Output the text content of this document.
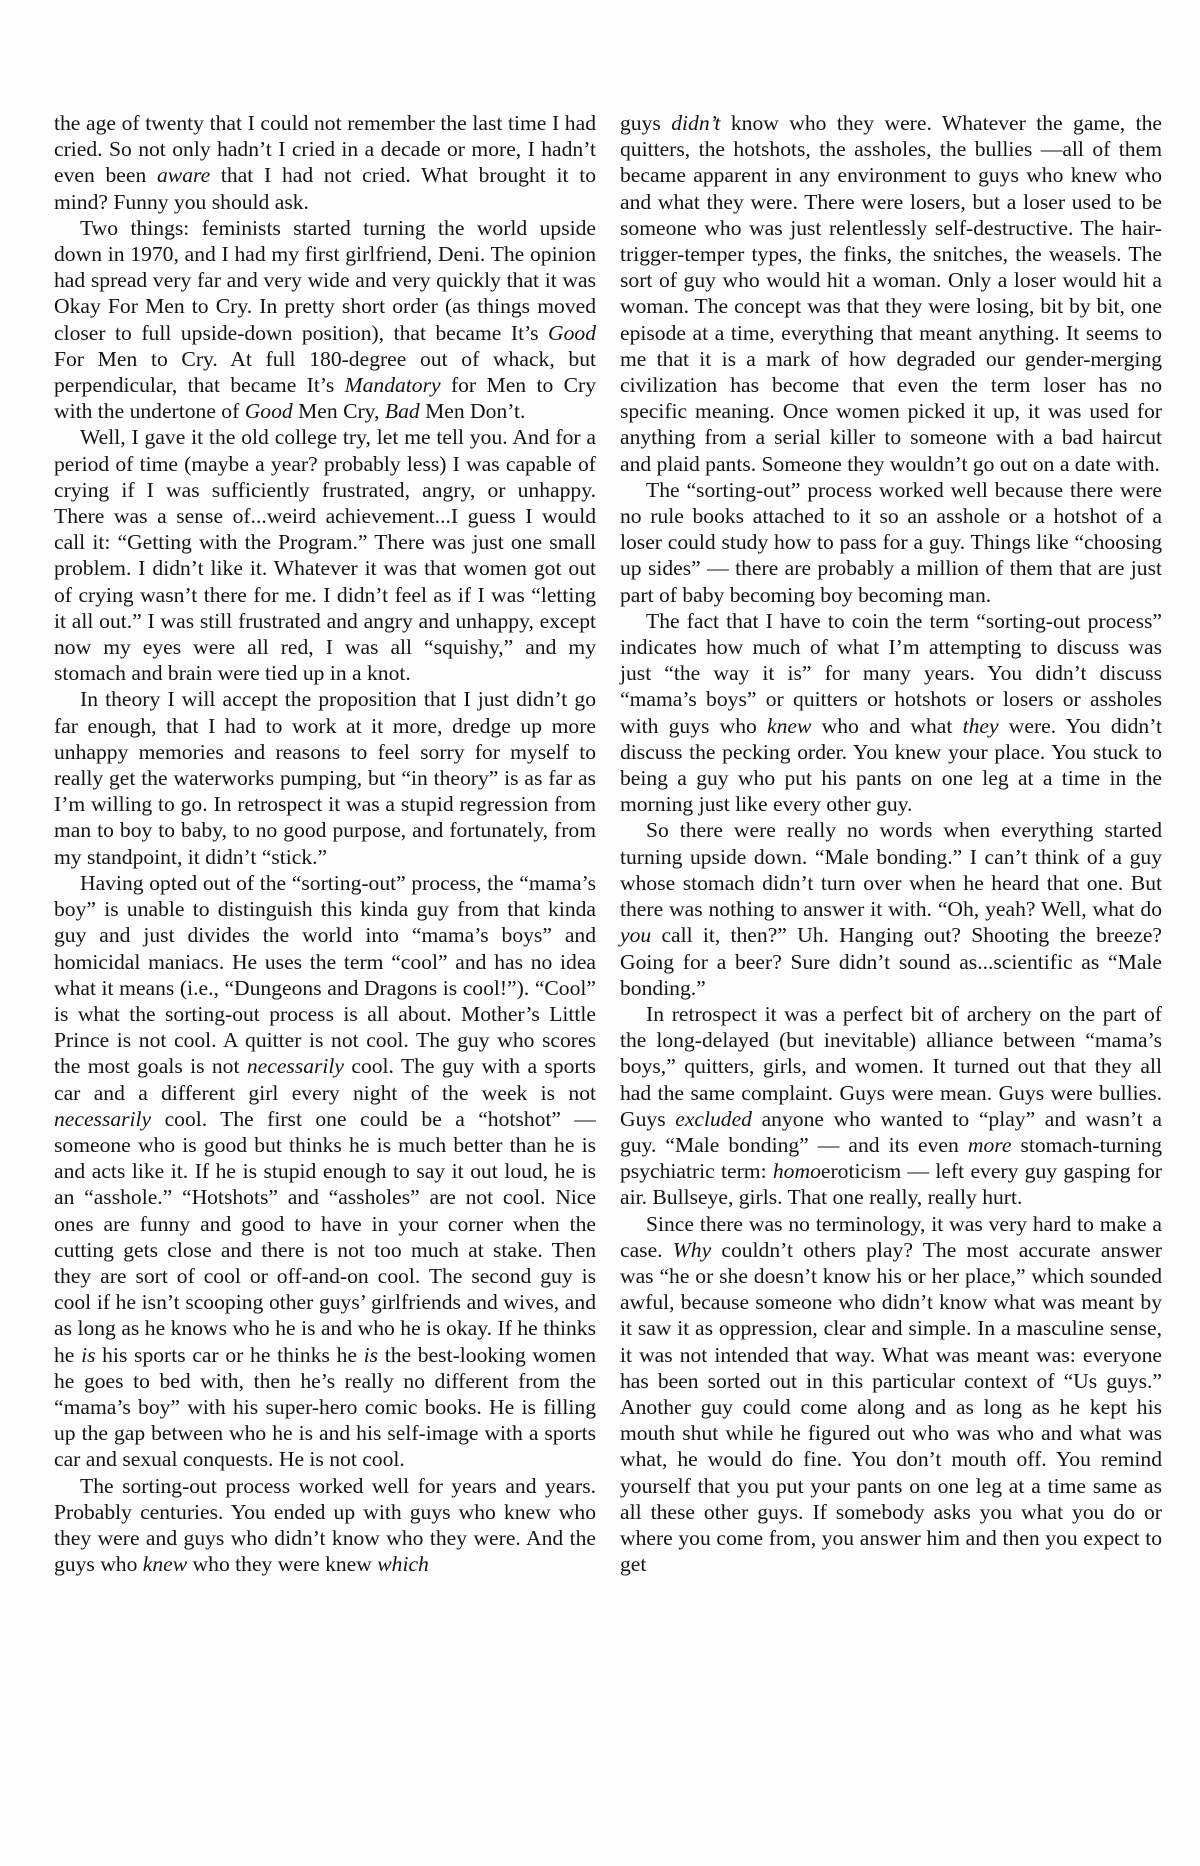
the age of twenty that I could not remember the last time I had cried. So not only hadn’t I cried in a decade or more, I hadn’t even been aware that I had not cried. What brought it to mind? Funny you should ask.

Two things: feminists started turning the world upside down in 1970, and I had my first girlfriend, Deni. The opinion had spread very far and very wide and very quickly that it was Okay For Men to Cry. In pretty short order (as things moved closer to full upside-down position), that became It’s Good For Men to Cry. At full 180-degree out of whack, but perpendicular, that became It’s Mandatory for Men to Cry with the undertone of Good Men Cry, Bad Men Don’t.

Well, I gave it the old college try, let me tell you. And for a period of time (maybe a year? probably less) I was capable of crying if I was sufficiently frustrated, angry, or unhappy. There was a sense of...weird achievement...I guess I would call it: “Getting with the Program.” There was just one small problem. I didn’t like it. Whatever it was that women got out of crying wasn’t there for me. I didn’t feel as if I was “letting it all out.” I was still frustrated and angry and unhappy, except now my eyes were all red, I was all “squishy,” and my stomach and brain were tied up in a knot.

In theory I will accept the proposition that I just didn’t go far enough, that I had to work at it more, dredge up more unhappy memories and reasons to feel sorry for myself to really get the waterworks pumping, but “in theory” is as far as I’m willing to go. In retrospect it was a stupid regression from man to boy to baby, to no good purpose, and fortunately, from my standpoint, it didn’t “stick.”

Having opted out of the “sorting-out” process, the “mama’s boy” is unable to distinguish this kinda guy from that kinda guy and just divides the world into “mama’s boys” and homicidal maniacs. He uses the term “cool” and has no idea what it means (i.e., “Dungeons and Dragons is cool!”). “Cool” is what the sorting-out process is all about. Mother’s Little Prince is not cool. A quitter is not cool. The guy who scores the most goals is not necessarily cool. The guy with a sports car and a different girl every night of the week is not necessarily cool. The first one could be a “hotshot” — someone who is good but thinks he is much better than he is and acts like it. If he is stupid enough to say it out loud, he is an “asshole.” “Hotshots” and “assholes” are not cool. Nice ones are funny and good to have in your corner when the cutting gets close and there is not too much at stake. Then they are sort of cool or off-and-on cool. The second guy is cool if he isn’t scooping other guys’ girlfriends and wives, and as long as he knows who he is and who he is okay. If he thinks he is his sports car or he thinks he is the best-looking women he goes to bed with, then he’s really no different from the “mama’s boy” with his super-hero comic books. He is filling up the gap between who he is and his self-image with a sports car and sexual conquests. He is not cool.

The sorting-out process worked well for years and years. Probably centuries. You ended up with guys who knew who they were and guys who didn’t know who they were. And the guys who knew who they were knew which

guys didn’t know who they were. Whatever the game, the quitters, the hotshots, the assholes, the bullies —all of them became apparent in any environment to guys who knew who and what they were. There were losers, but a loser used to be someone who was just relentlessly self-destructive. The hair-trigger-temper types, the finks, the snitches, the weasels. The sort of guy who would hit a woman. Only a loser would hit a woman. The concept was that they were losing, bit by bit, one episode at a time, everything that meant anything. It seems to me that it is a mark of how degraded our gender-merging civilization has become that even the term loser has no specific meaning. Once women picked it up, it was used for anything from a serial killer to someone with a bad haircut and plaid pants. Someone they wouldn’t go out on a date with.

The “sorting-out” process worked well because there were no rule books attached to it so an asshole or a hotshot of a loser could study how to pass for a guy. Things like “choosing up sides” — there are probably a million of them that are just part of baby becoming boy becoming man.

The fact that I have to coin the term “sorting-out process” indicates how much of what I’m attempting to discuss was just “the way it is” for many years. You didn’t discuss “mama’s boys” or quitters or hotshots or losers or assholes with guys who knew who and what they were. You didn’t discuss the pecking order. You knew your place. You stuck to being a guy who put his pants on one leg at a time in the morning just like every other guy.

So there were really no words when everything started turning upside down. “Male bonding.” I can’t think of a guy whose stomach didn’t turn over when he heard that one. But there was nothing to answer it with. “Oh, yeah? Well, what do you call it, then?” Uh. Hanging out? Shooting the breeze? Going for a beer? Sure didn’t sound as...scientific as “Male bonding.”

In retrospect it was a perfect bit of archery on the part of the long-delayed (but inevitable) alliance between “mama’s boys,” quitters, girls, and women. It turned out that they all had the same complaint. Guys were mean. Guys were bullies. Guys excluded anyone who wanted to “play” and wasn’t a guy. “Male bonding” — and its even more stomach-turning psychiatric term: homoeroticism — left every guy gasping for air. Bullseye, girls. That one really, really hurt.

Since there was no terminology, it was very hard to make a case. Why couldn’t others play? The most accurate answer was “he or she doesn’t know his or her place,” which sounded awful, because someone who didn’t know what was meant by it saw it as oppression, clear and simple. In a masculine sense, it was not intended that way. What was meant was: everyone has been sorted out in this particular context of “Us guys.” Another guy could come along and as long as he kept his mouth shut while he figured out who was who and what was what, he would do fine. You don’t mouth off. You remind yourself that you put your pants on one leg at a time same as all these other guys. If somebody asks you what you do or where you come from, you answer him and then you expect to get
